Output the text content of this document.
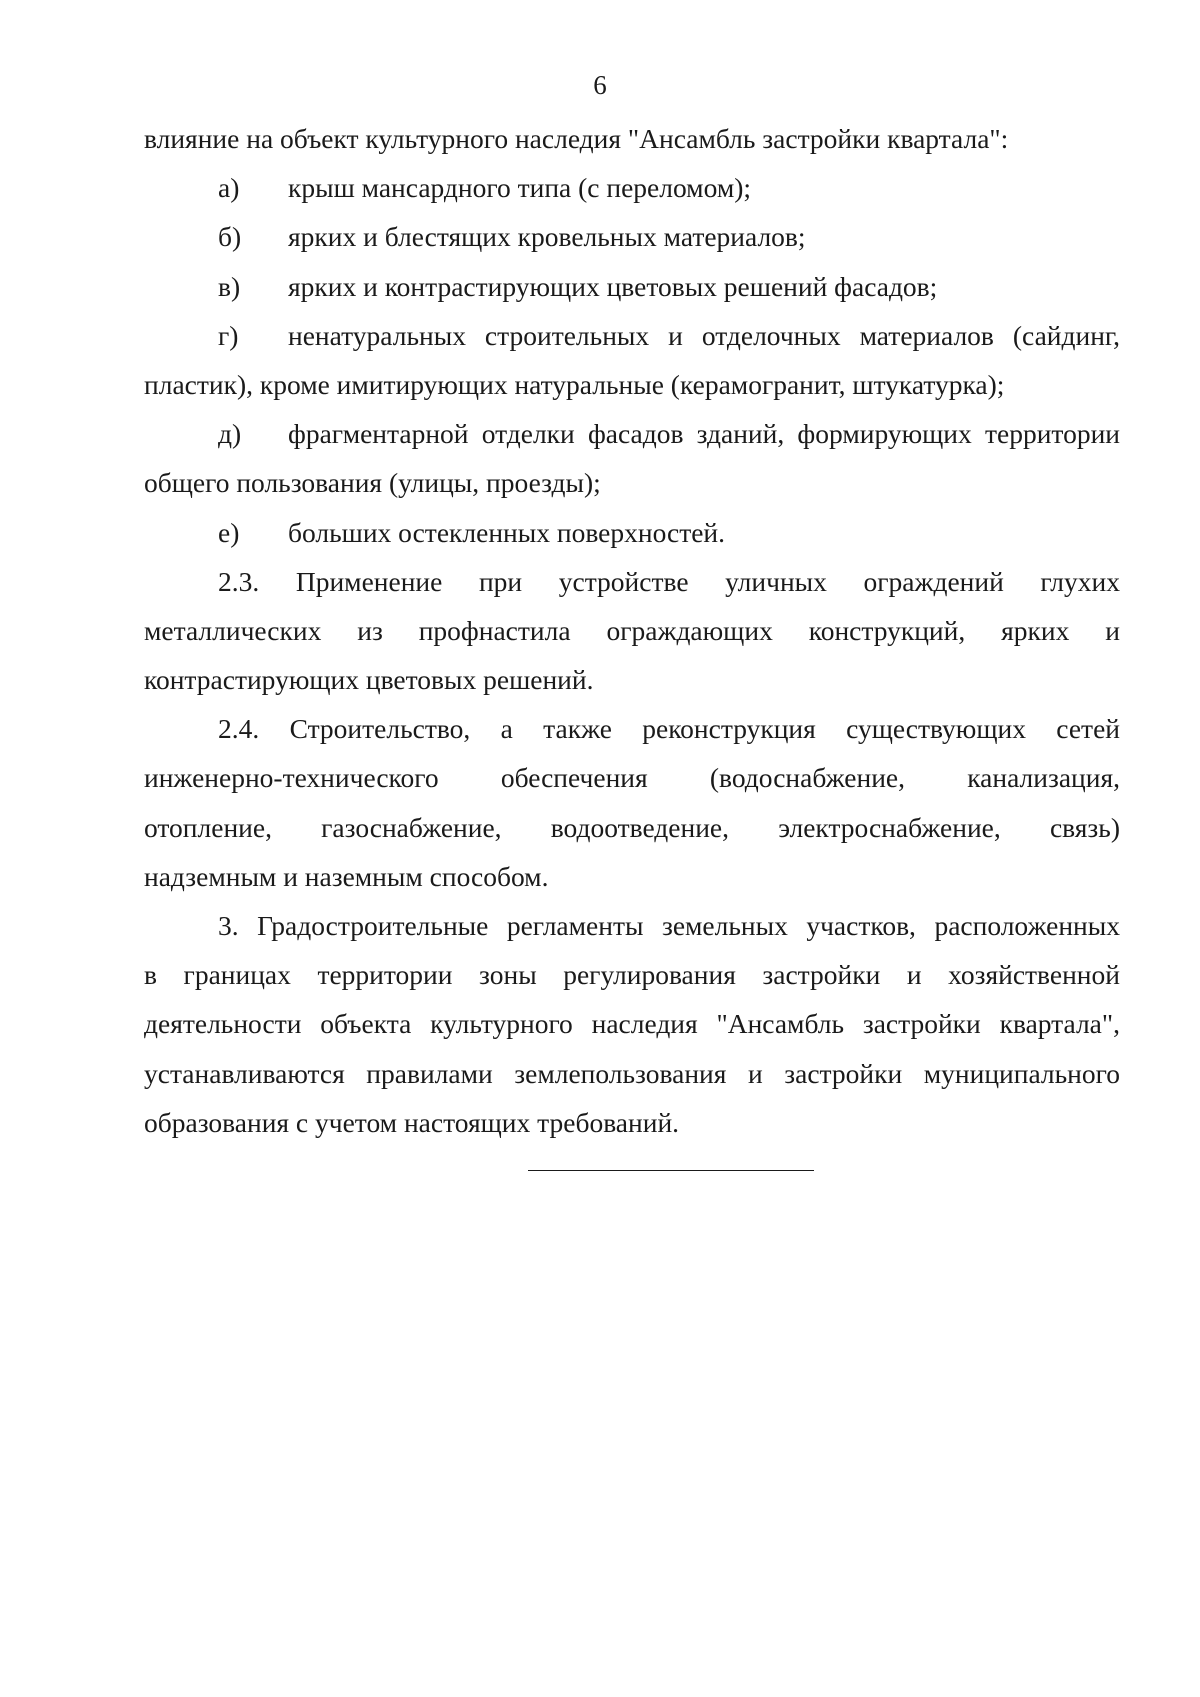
6
влияние на объект культурного наследия "Ансамбль застройки квартала":
а)	крыш мансардного типа (с переломом);
б)	ярких и блестящих кровельных материалов;
в)	ярких и контрастирующих цветовых решений фасадов;
г)	ненатуральных строительных и отделочных материалов (сайдинг,
пластик), кроме имитирующих натуральные (керамогранит, штукатурка);
д)	фрагментарной отделки фасадов зданий, формирующих территории
общего пользования (улицы, проезды);
е)	больших остекленных поверхностей.
2.3. Применение при устройстве уличных ограждений глухих
металлических из профнастила ограждающих конструкций, ярких и
контрастирующих цветовых решений.
2.4. Строительство, а также реконструкция существующих сетей
инженерно-технического обеспечения (водоснабжение, канализация,
отопление, газоснабжение, водоотведение, электроснабжение, связь)
надземным и наземным способом.
3. Градостроительные регламенты земельных участков, расположенных
в границах территории зоны регулирования застройки и хозяйственной
деятельности объекта культурного наследия "Ансамбль застройки квартала",
устанавливаются правилами землепользования и застройки муниципального
образования с учетом настоящих требований.
